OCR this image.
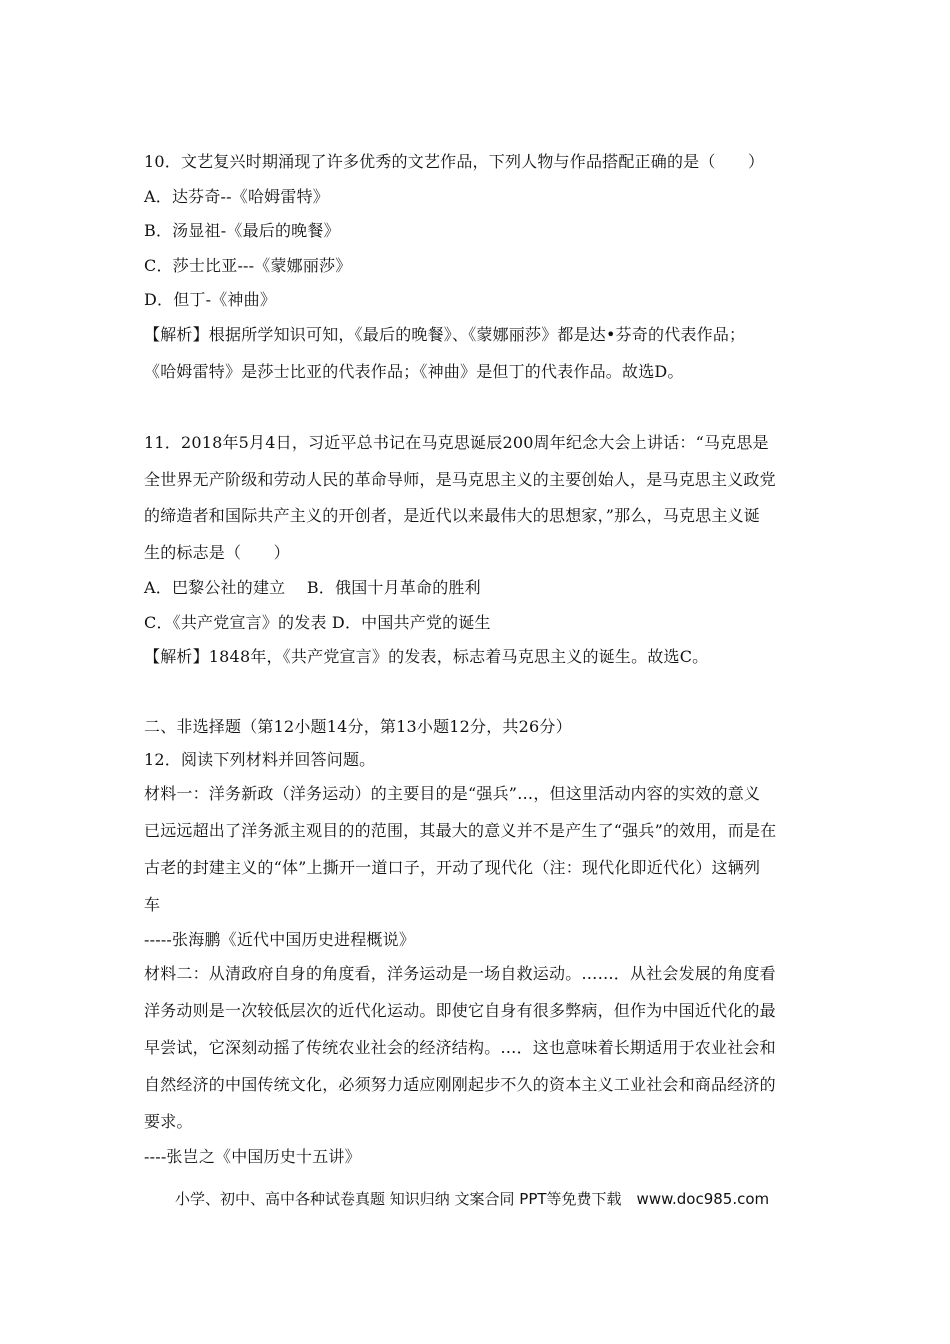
10．文艺复兴时期涌现了许多优秀的文艺作品，下列人物与作品搭配正确的是（　　）
A．达芬奇--《哈姆雷特》
B．汤显祖-《最后的晚餐》
C．莎士比亚---《蒙娜丽莎》
D．但丁-《神曲》
【解析】根据所学知识可知，《最后的晚餐》、《蒙娜丽莎》都是达•芬奇的代表作品；
《哈姆雷特》是莎士比亚的代表作品；《神曲》是但丁的代表作品。故选D。
11．2018年5月4日，习近平总书记在马克思诞辰200周年纪念大会上讲话：“马克思是
全世界无产阶级和劳动人民的革命导师，是马克思主义的主要创始人，是马克思主义政党
的缔造者和国际共产主义的开创者，是近代以来最伟大的思想家，”那么，马克思主义诞
生的标志是（　　）
A．巴黎公社的建立　 B．俄国十月革命的胜利
C．《共产党宣言》的发表 D．中国共产党的诞生
【解析】1848年，《共产党宣言》的发表，标志着马克思主义的诞生。故选C。
二、非选择题（第12小题14分，第13小题12分，共26分）
12．阅读下列材料并回答问题。
材料一：洋务新政（洋务运动）的主要目的是“强兵”…，但这里活动内容的实效的意义
已远远超出了洋务派主观目的的范围，其最大的意义并不是产生了“强兵”的效用，而是在
古老的封建主义的“体”上撕开一道口子，开动了现代化（注：现代化即近代化）这辆列
车
-----张海鹏《近代中国历史进程概说》
材料二：从清政府自身的角度看，洋务运动是一场自救运动。……．从社会发展的角度看
洋务动则是一次较低层次的近代化运动。即使它自身有很多弊病，但作为中国近代化的最
早尝试，它深刻动摇了传统农业社会的经济结构。…．这也意味着长期适用于农业社会和
自然经济的中国传统文化，必须努力适应刚刚起步不久的资本主义工业社会和商品经济的
要求。
----张岂之《中国历史十五讲》
小学、初中、高中各种试卷真题 知识归纳 文案合同 PPT等免费下载　www.doc985.com
